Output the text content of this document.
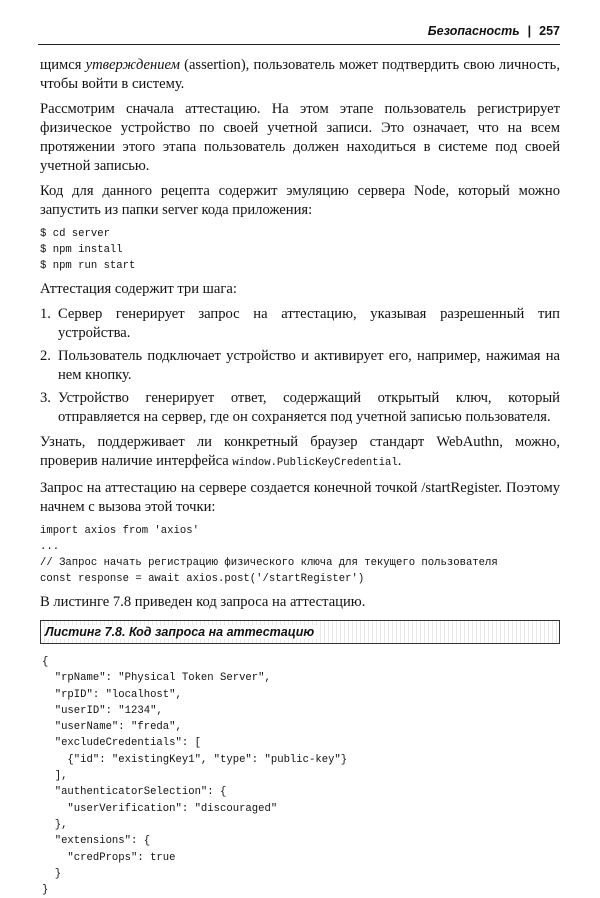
Безопасность | 257

щимся утверждением (assertion), пользователь может подтвердить свою личность, чтобы войти в систему.

Рассмотрим сначала аттестацию. На этом этапе пользователь регистрирует физическое устройство по своей учетной записи. Это означает, что на всем протяжении этого этапа пользователь должен находиться в системе под своей учетной записью.

Код для данного рецепта содержит эмуляцию сервера Node, который можно запустить из папки server кода приложения:

$ cd server
$ npm install
$ npm run start

Аттестация содержит три шага:

1. Сервер генерирует запрос на аттестацию, указывая разрешенный тип устройства.
2. Пользователь подключает устройство и активирует его, например, нажимая на нем кнопку.
3. Устройство генерирует ответ, содержащий открытый ключ, который отправляется на сервер, где он сохраняется под учетной записью пользователя.

Узнать, поддерживает ли конкретный браузер стандарт WebAuthn, можно, проверив наличие интерфейса window.PublicKeyCredential.

Запрос на аттестацию на сервере создается конечной точкой /startRegister. Поэтому начнем с вызова этой точки:

import axios from 'axios'
...
// Запрос начать регистрацию физического ключа для текущего пользователя
const response = await axios.post('/startRegister')

В листинге 7.8 приведен код запроса на аттестацию.

Листинг 7.8. Код запроса на аттестацию
{
"rpName": "Physical Token Server",
"rpID": "localhost",
"userID": "1234",
"userName": "freda",
"excludeCredentials": [
{"id": "existingKey1", "type": "public-key"}
],
"authenticatorSelection": {
"userVerification": "discouraged"
},
"extensions": {
"credProps": true
}
}
